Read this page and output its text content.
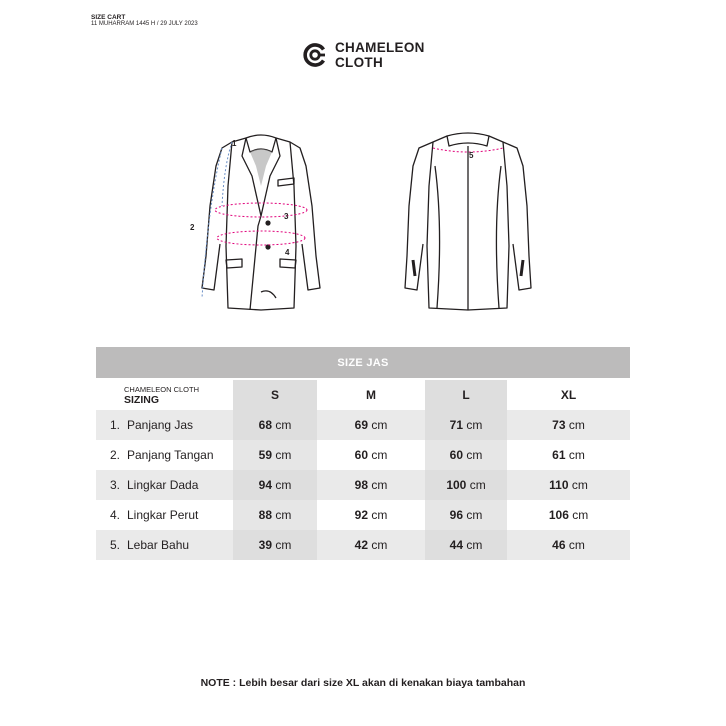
SIZE CART
11 MUHARRAM 1445 H / 29 JULY 2023
CHAMELEON
CLOTH
1
2
3
4
5
SIZE JAS				

CHAMELEON CLOTH
SIZING	S	M	L	XL
1. Panjang Jas	68 cm	69 cm	71 cm	73 cm
2. Panjang Tangan	59 cm	60 cm	60 cm	61 cm
3. Lingkar Dada	94 cm	98 cm	100 cm	110 cm
4. Lingkar Perut	88 cm	92 cm	96 cm	106 cm
5. Lebar Bahu	39 cm	42 cm	44 cm	46 cm
NOTE : Lebih besar dari size XL akan di kenakan biaya tambahan
